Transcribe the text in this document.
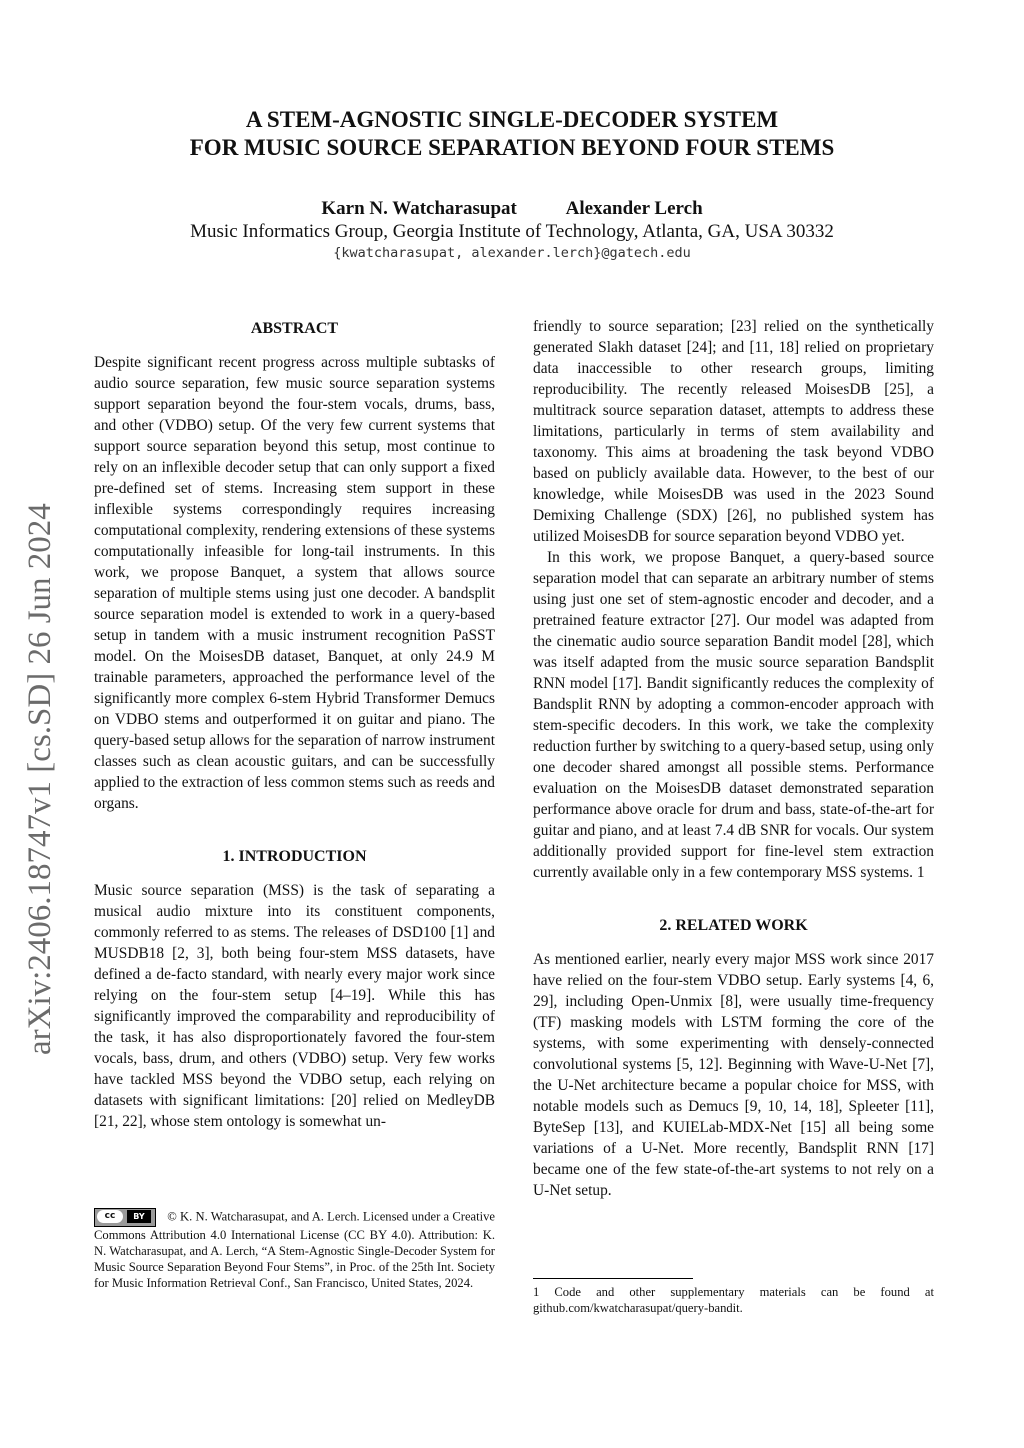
A STEM-AGNOSTIC SINGLE-DECODER SYSTEM
FOR MUSIC SOURCE SEPARATION BEYOND FOUR STEMS
Karn N. Watcharasupat	Alexander Lerch
Music Informatics Group, Georgia Institute of Technology, Atlanta, GA, USA 30332
{kwatcharasupat, alexander.lerch}@gatech.edu
arXiv:2406.18747v1 [cs.SD] 26 Jun 2024
ABSTRACT

Despite significant recent progress across multiple subtasks of audio source separation, few music source separation systems support separation beyond the four-stem vocals, drums, bass, and other (VDBO) setup. Of the very few current systems that support source separation beyond this setup, most continue to rely on an inflexible decoder setup that can only support a fixed pre-defined set of stems. Increasing stem support in these inflexible systems correspondingly requires increasing computational complexity, rendering extensions of these systems computationally infeasible for long-tail instruments. In this work, we propose Banquet, a system that allows source separation of multiple stems using just one decoder. A bandsplit source separation model is extended to work in a query-based setup in tandem with a music instrument recognition PaSST model. On the MoisesDB dataset, Banquet, at only 24.9 M trainable parameters, approached the performance level of the significantly more complex 6-stem Hybrid Transformer Demucs on VDBO stems and outperformed it on guitar and piano. The query-based setup allows for the separation of narrow instrument classes such as clean acoustic guitars, and can be successfully applied to the extraction of less common stems such as reeds and organs.

1. INTRODUCTION

Music source separation (MSS) is the task of separating a musical audio mixture into its constituent components, commonly referred to as stems. The releases of DSD100 [1] and MUSDB18 [2, 3], both being four-stem MSS datasets, have defined a de-facto standard, with nearly every major work since relying on the four-stem setup [4–19]. While this has significantly improved the comparability and reproducibility of the task, it has also disproportionately favored the four-stem vocals, bass, drum, and others (VDBO) setup. Very few works have tackled MSS beyond the VDBO setup, each relying on datasets with significant limitations: [20] relied on MedleyDB [21, 22], whose stem ontology is somewhat un-

friendly to source separation; [23] relied on the synthetically generated Slakh dataset [24]; and [11, 18] relied on proprietary data inaccessible to other research groups, limiting reproducibility. The recently released MoisesDB [25], a multitrack source separation dataset, attempts to address these limitations, particularly in terms of stem availability and taxonomy. This aims at broadening the task beyond VDBO based on publicly available data. However, to the best of our knowledge, while MoisesDB was used in the 2023 Sound Demixing Challenge (SDX) [26], no published system has utilized MoisesDB for source separation beyond VDBO yet.

In this work, we propose Banquet, a query-based source separation model that can separate an arbitrary number of stems using just one set of stem-agnostic encoder and decoder, and a pretrained feature extractor [27]. Our model was adapted from the cinematic audio source separation Bandit model [28], which was itself adapted from the music source separation Bandsplit RNN model [17]. Bandit significantly reduces the complexity of Bandsplit RNN by adopting a common-encoder approach with stem-specific decoders. In this work, we take the complexity reduction further by switching to a query-based setup, using only one decoder shared amongst all possible stems. Performance evaluation on the MoisesDB dataset demonstrated separation performance above oracle for drum and bass, state-of-the-art for guitar and piano, and at least 7.4 dB SNR for vocals. Our system additionally provided support for fine-level stem extraction currently available only in a few contemporary MSS systems. 1

2. RELATED WORK

As mentioned earlier, nearly every major MSS work since 2017 have relied on the four-stem VDBO setup. Early systems [4, 6, 29], including Open-Unmix [8], were usually time-frequency (TF) masking models with LSTM forming the core of the systems, with some experimenting with densely-connected convolutional systems [5, 12]. Beginning with Wave-U-Net [7], the U-Net architecture became a popular choice for MSS, with notable models such as Demucs [9, 10, 14, 18], Spleeter [11], ByteSep [13], and KUIELab-MDX-Net [15] all being some variations of a U-Net. More recently, Bandsplit RNN [17] became one of the few state-of-the-art systems to not rely on a U-Net setup.

cc	BY	© K. N. Watcharasupat, and A. Lerch. Licensed under a Creative Commons Attribution 4.0 International License (CC BY 4.0). Attribution: K. N. Watcharasupat, and A. Lerch, “A Stem-Agnostic Single-Decoder System for Music Source Separation Beyond Four Stems”, in Proc. of the 25th Int. Society for Music Information Retrieval Conf., San Francisco, United States, 2024.
1 Code and other supplementary materials can be found at github.com/kwatcharasupat/query-bandit.
